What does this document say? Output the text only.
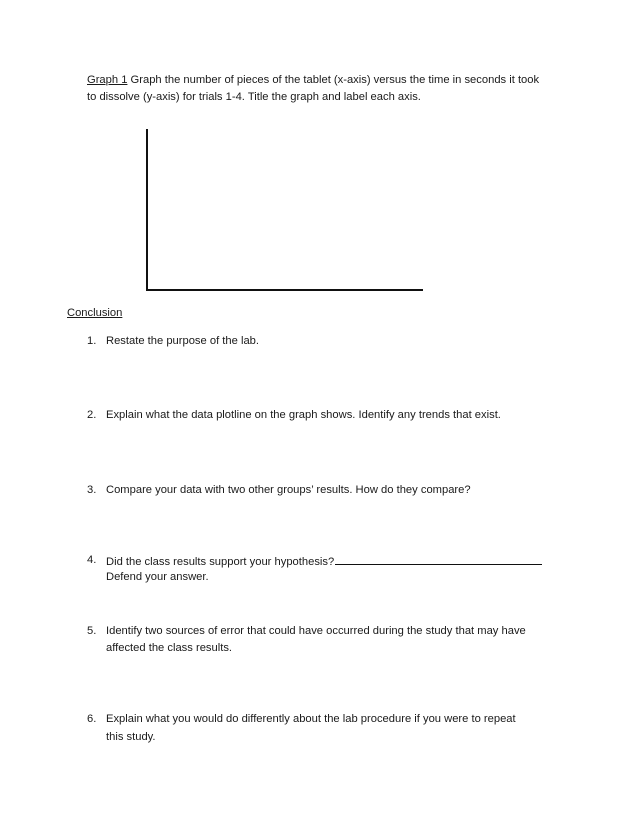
Graph 1 Graph the number of pieces of the tablet (x-axis) versus the time in seconds it took
to dissolve (y-axis) for trials 1-4. Title the graph and label each axis.
Conclusion
1. Restate the purpose of the lab.
2. Explain what the data plotline on the graph shows. Identify any trends that exist.
3. Compare your data with two other groups’ results. How do they compare?
4. Did the class results support your hypothesis?
Defend your answer.
5. Identify two sources of error that could have occurred during the study that may have
affected the class results.
6. Explain what you would do differently about the lab procedure if you were to repeat
this study.
